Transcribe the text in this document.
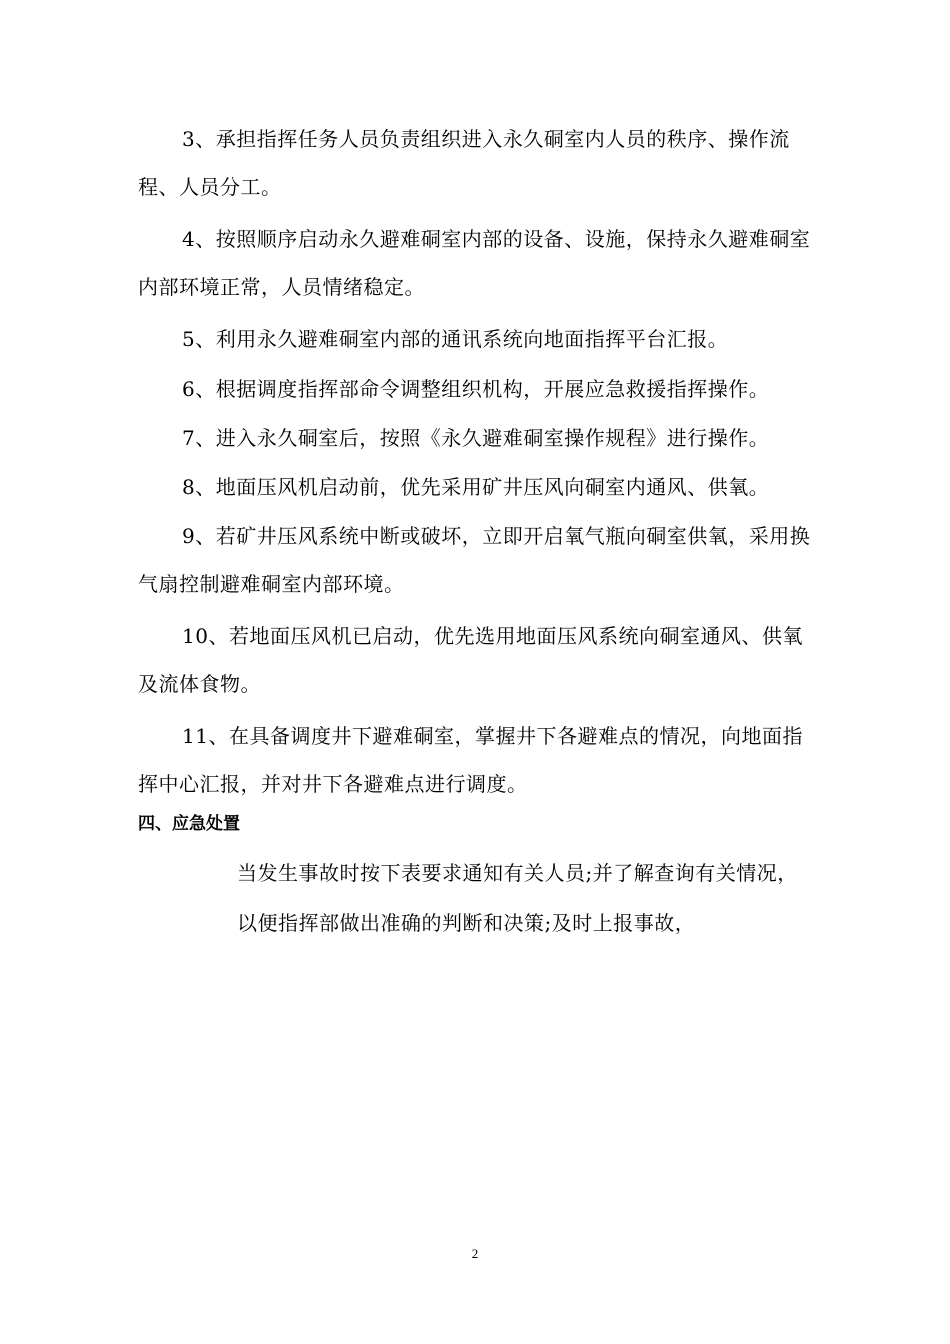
3、承担指挥任务人员负责组织进入永久硐室内人员的秩序、操作流程、人员分工。

4、按照顺序启动永久避难硐室内部的设备、设施，保持永久避难硐室内部环境正常，人员情绪稳定。

5、利用永久避难硐室内部的通讯系统向地面指挥平台汇报。

6、根据调度指挥部命令调整组织机构，开展应急救援指挥操作。

7、进入永久硐室后，按照《永久避难硐室操作规程》进行操作。

8、地面压风机启动前，优先采用矿井压风向硐室内通风、供氧。

9、若矿井压风系统中断或破坏，立即开启氧气瓶向硐室供氧，采用换气扇控制避难硐室内部环境。

10、若地面压风机已启动，优先选用地面压风系统向硐室通风、供氧及流体食物。

11、在具备调度井下避难硐室，掌握井下各避难点的情况，向地面指挥中心汇报，并对井下各避难点进行调度。

四、应急处置

当发生事故时按下表要求通知有关人员;并了解查询有关情况，以便指挥部做出准确的判断和决策;及时上报事故，

2
